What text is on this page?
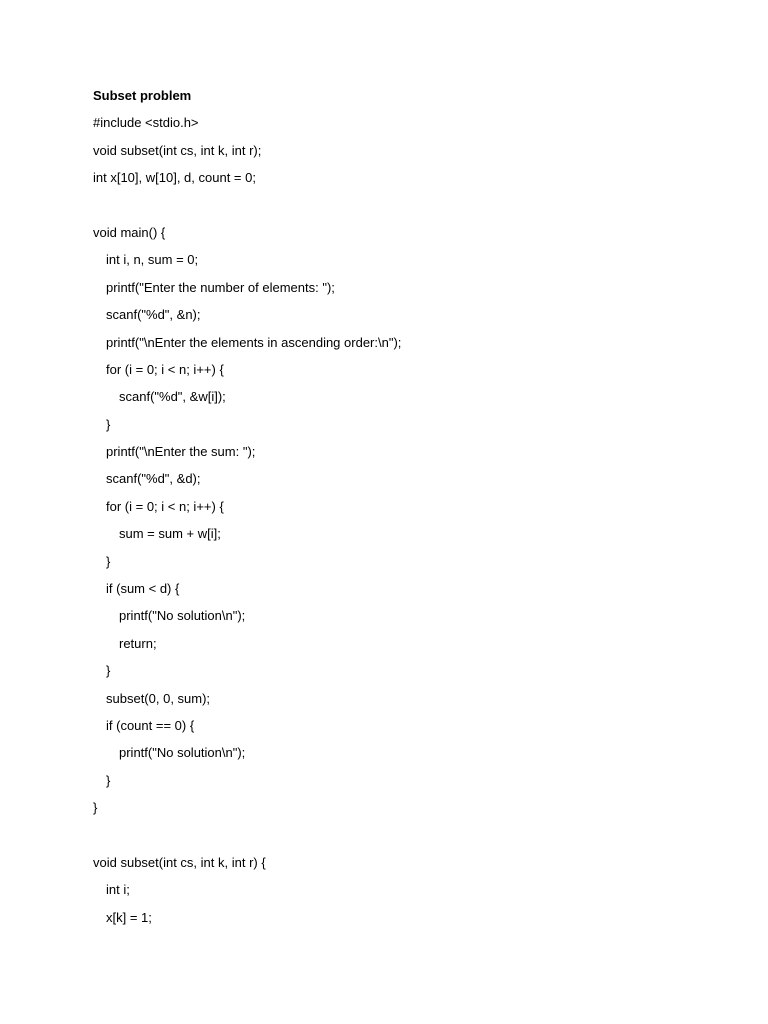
Subset problem
#include <stdio.h>
void subset(int cs, int k, int r);
int x[10], w[10], d, count = 0;
void main() {
int i, n, sum = 0;
printf("Enter the number of elements: ");
scanf("%d", &n);
printf("\nEnter the elements in ascending order:\n");
for (i = 0; i < n; i++) {
scanf("%d", &w[i]);
}
printf("\nEnter the sum: ");
scanf("%d", &d);
for (i = 0; i < n; i++) {
sum = sum + w[i];
}
if (sum < d) {
printf("No solution\n");
return;
}
subset(0, 0, sum);
if (count == 0) {
printf("No solution\n");
}
}
void subset(int cs, int k, int r) {
int i;
x[k] = 1;
